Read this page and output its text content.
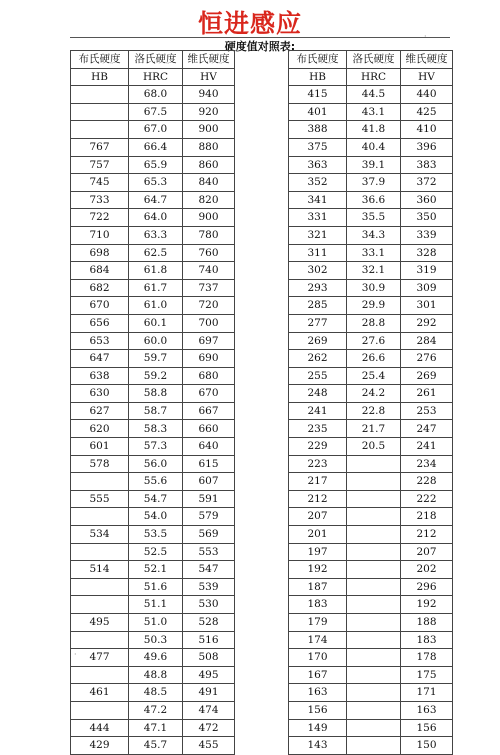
恒进感应	·
硬度值对照表:
布氏硬度	洛氏硬度	维氏硬度
HB	HRC	HV
	68.0	940
	67.5	920
	67.0	900
767	66.4	880
757	65.9	860
745	65.3	840
733	64.7	820
722	64.0	900
710	63.3	780
698	62.5	760
684	61.8	740
682	61.7	737
670	61.0	720
656	60.1	700
653	60.0	697
647	59.7	690
638	59.2	680
630	58.8	670
627	58.7	667
620	58.3	660
601	57.3	640
578	56.0	615
	55.6	607
555	54.7	591
	54.0	579
534	53.5	569
	52.5	553
514	52.1	547
	51.6	539
	51.1	530
495	51.0	528
	50.3	516
477	49.6	508
	48.8	495
461	48.5	491
	47.2	474
444	47.1	472
429	45.7	455
布氏硬度	洛氏硬度	维氏硬度
HB	HRC	HV
415	44.5	440
401	43.1	425
388	41.8	410
375	40.4	396
363	39.1	383
352	37.9	372
341	36.6	360
331	35.5	350
321	34.3	339
311	33.1	328
302	32.1	319
293	30.9	309
285	29.9	301
277	28.8	292
269	27.6	284
262	26.6	276
255	25.4	269
248	24.2	261
241	22.8	253
235	21.7	247
229	20.5	241
223		234
217		228
212		222
207		218
201		212
197		207
192		202
187		296
183		192
179		188
174		183
170		178
167		175
163		171
156		163
149		156
143		150
·
